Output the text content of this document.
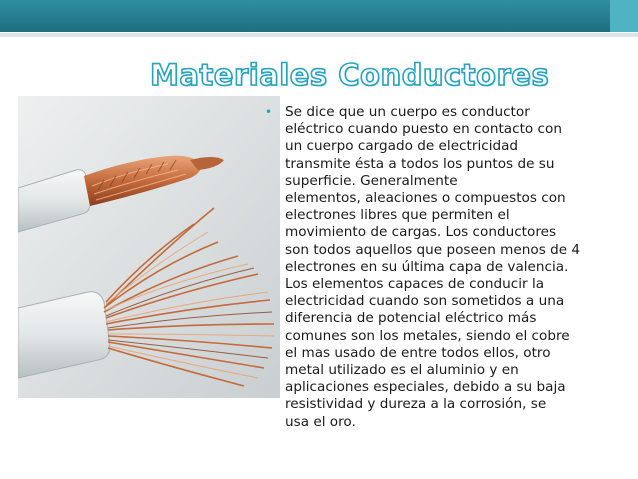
Materiales Conductores
• Se dice que un cuerpo es conductor
eléctrico cuando puesto en contacto con
un cuerpo cargado de electricidad
transmite ésta a todos los puntos de su
superficie. Generalmente
elementos, aleaciones o compuestos con
electrones libres que permiten el
movimiento de cargas. Los conductores
son todos aquellos que poseen menos de 4
electrones en su última capa de valencia.
Los elementos capaces de conducir la
electricidad cuando son sometidos a una
diferencia de potencial eléctrico más
comunes son los metales, siendo el cobre
el mas usado de entre todos ellos, otro
metal utilizado es el aluminio y en
aplicaciones especiales, debido a su baja
resistividad y dureza a la corrosión, se
usa el oro.
